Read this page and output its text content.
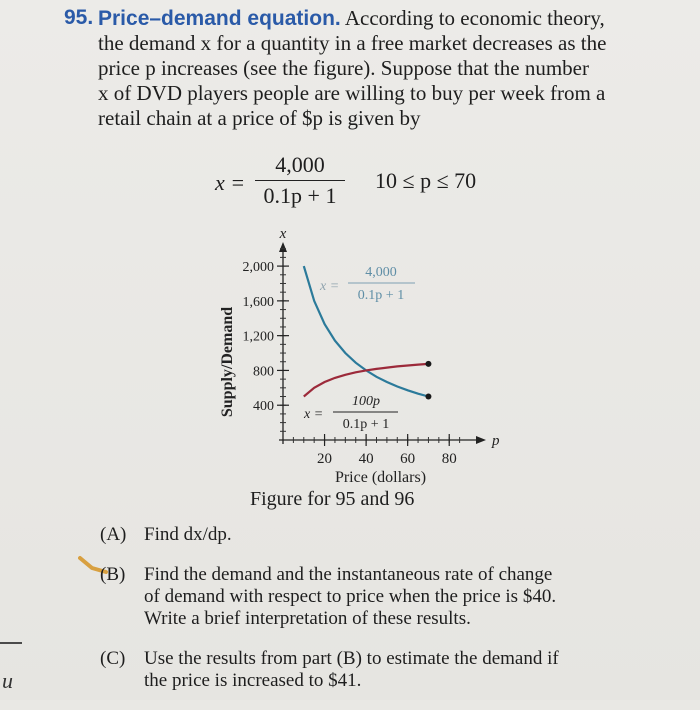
u
95. Price–demand equation. According to economic theory,
the demand x for a quantity in a free market decreases as the
price p increases (see the figure). Suppose that the number
x of DVD players people are willing to buy per week from a
retail chain at a price of $p is given by
$x = \frac{4,000}{0.1p + 1} 10 \le p \le 70$
x
p
400
800
1,200
1,600
2,000
20 40 60 80
Price (dollars)
Supply/Demand
x =
4,000
0.1p + 1
x =
100p
0.1p + 1
Figure for 95 and 96
(A) Find dx/dp.
(B) Find the demand and the instantaneous rate of change
of demand with respect to price when the price is $40.
Write a brief interpretation of these results.
(C) Use the results from part (B) to estimate the demand if
the price is increased to $41.
